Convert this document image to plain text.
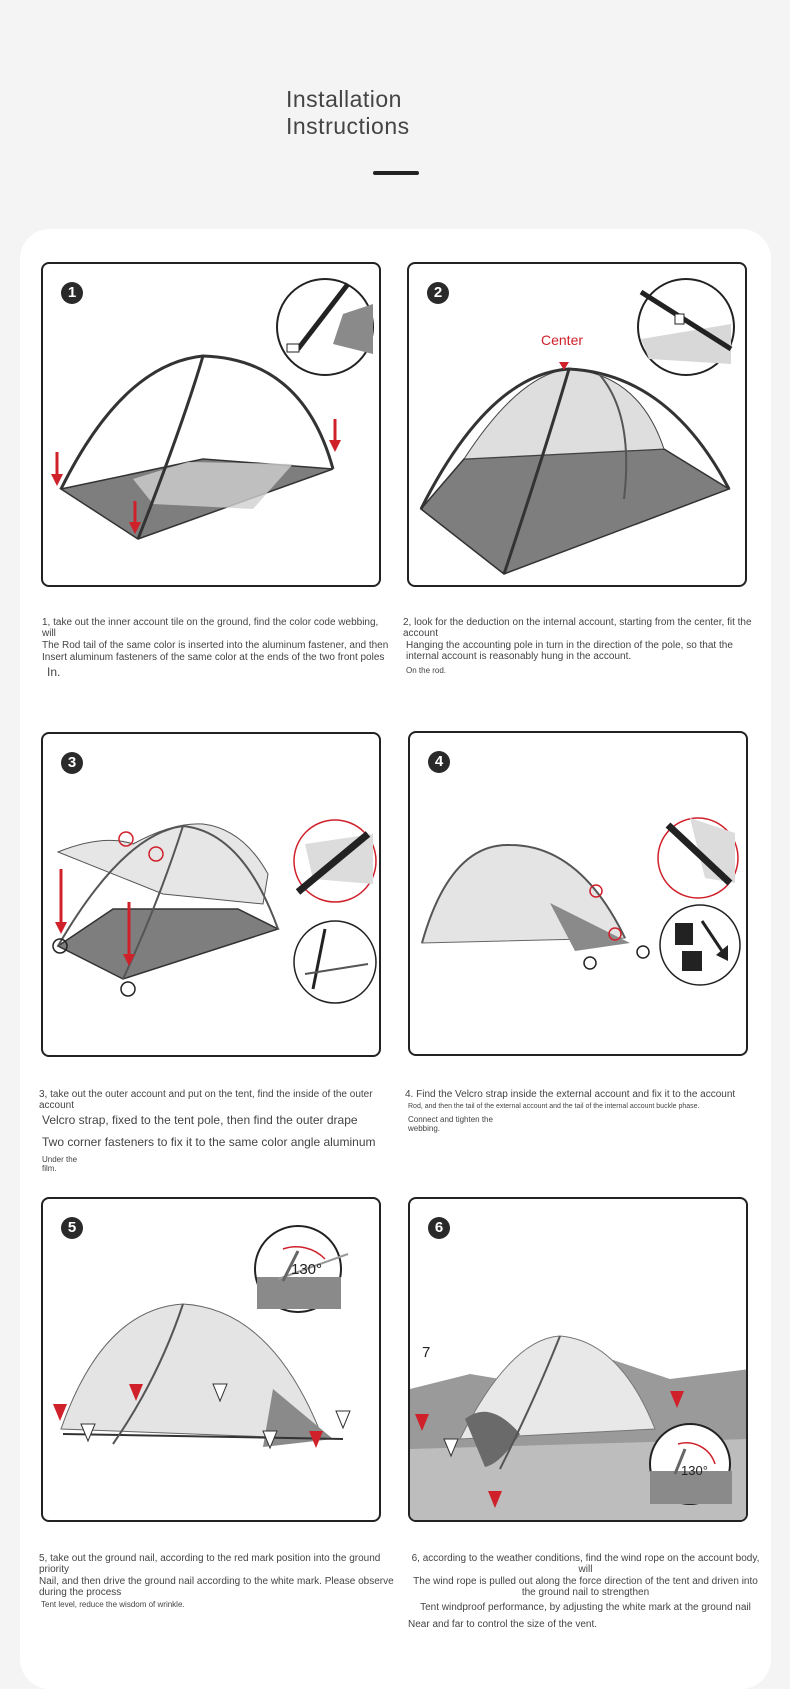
Installation
Instructions
1
1, take out the inner account tile on the ground, find the color code webbing, will
The Rod tail of the same color is inserted into the aluminum fastener, and then
Insert aluminum fasteners of the same color at the ends of the two front poles
In.
2
Center
2, look for the deduction on the internal account, starting from the center, fit the account
Hanging the accounting pole in turn in the direction of the pole, so that the internal account is reasonably hung in the account.
On the rod.
3
3, take out the outer account and put on the tent, find the inside of the outer account
Velcro strap, fixed to the tent pole, then find the outer drape
Two corner fasteners to fix it to the same color angle aluminum
Under the film.
4
4. Find the Velcro strap inside the external account and fix it to the account
Rod, and then the tail of the external account and the tail of the internal account buckle phase.
Connect and tighten the webbing.
5
130°
5, take out the ground nail, according to the red mark position into the ground priority
Nail, and then drive the ground nail according to the white mark. Please observe during the process
Tent level, reduce the wisdom of wrinkle.
6
7
130°
6, according to the weather conditions, find the wind rope on the account body, will
The wind rope is pulled out along the force direction of the tent and driven into the ground nail to strengthen
Tent windproof performance, by adjusting the white mark at the ground nail
Near and far to control the size of the vent.
